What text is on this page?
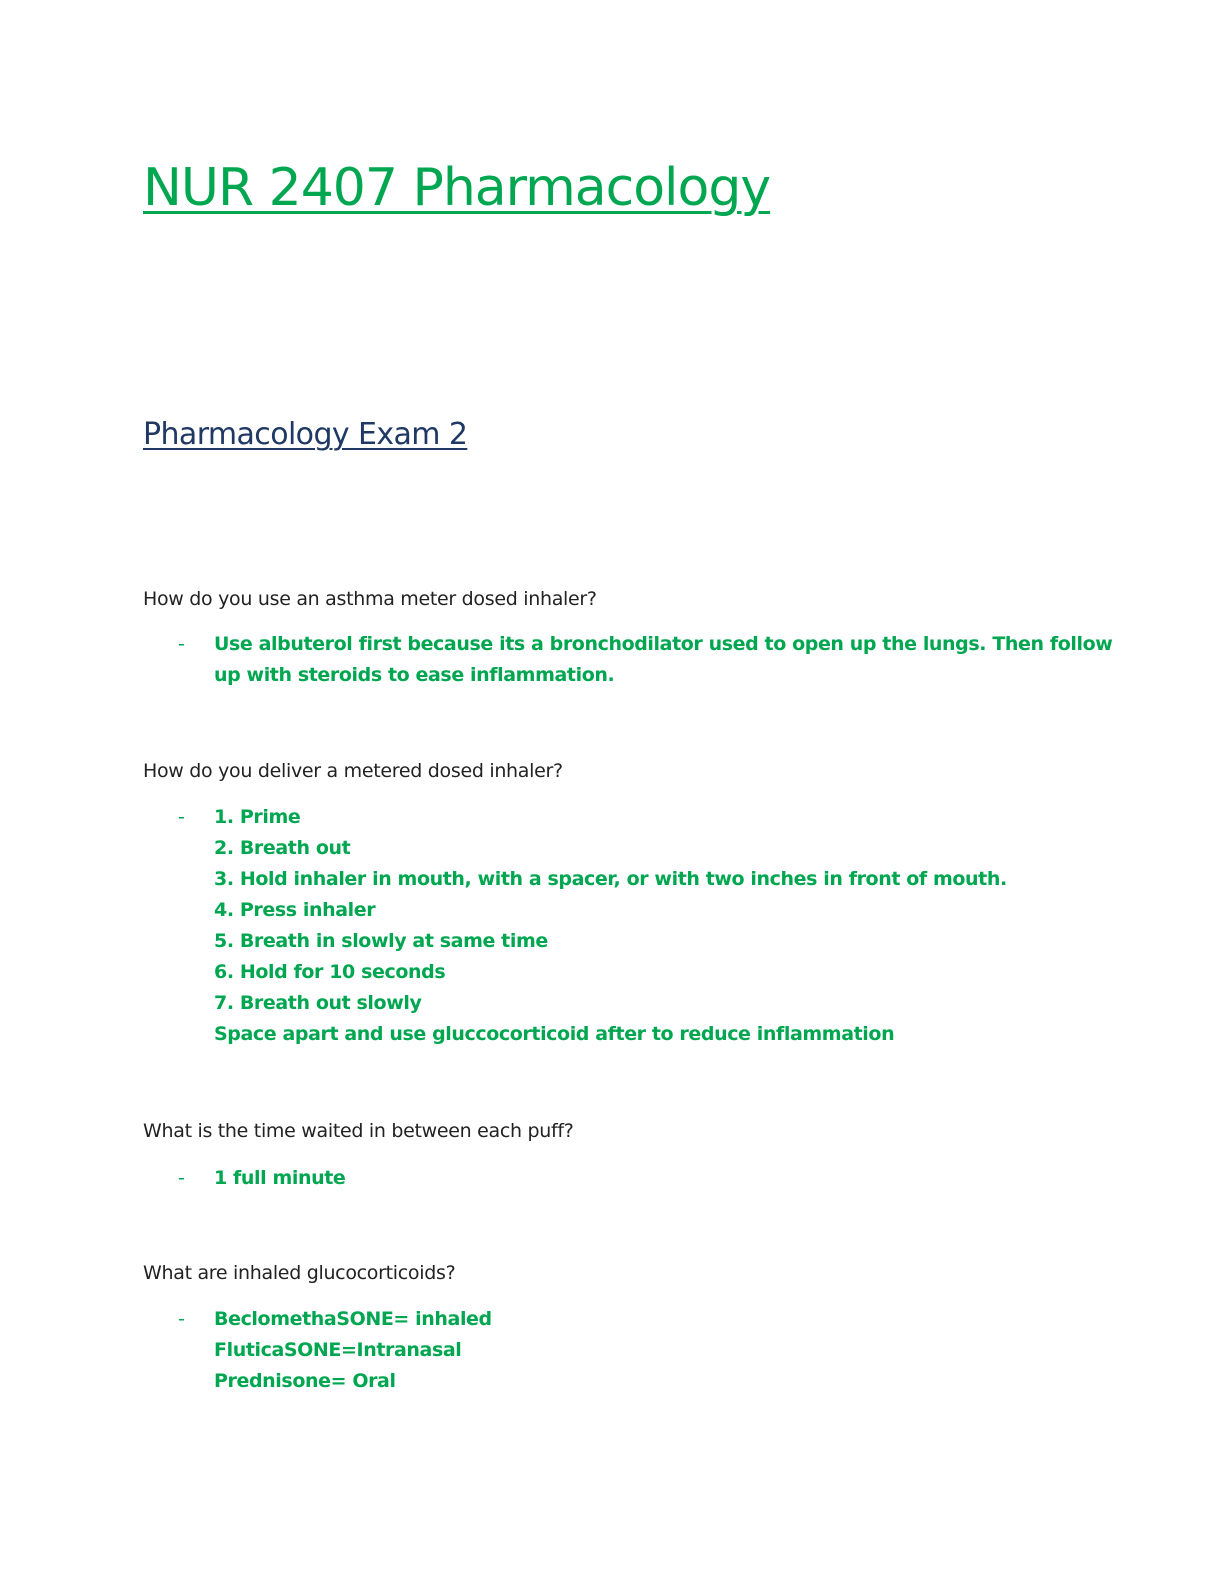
NUR 2407 Pharmacology
Pharmacology Exam 2

How do you use an asthma meter dosed inhaler?

-	Use albuterol first because its a bronchodilator used to open up the lungs. Then follow
up with steroids to ease inflammation.

How do you deliver a metered dosed inhaler?

-	1. Prime
2. Breath out
3. Hold inhaler in mouth, with a spacer, or with two inches in front of mouth.
4. Press inhaler
5. Breath in slowly at same time
6. Hold for 10 seconds
7. Breath out slowly
Space apart and use gluccocorticoid after to reduce inflammation

What is the time waited in between each puff?

-	1 full minute

What are inhaled glucocorticoids?

-	BeclomethaSONE= inhaled
FluticaSONE=Intranasal
Prednisone= Oral
